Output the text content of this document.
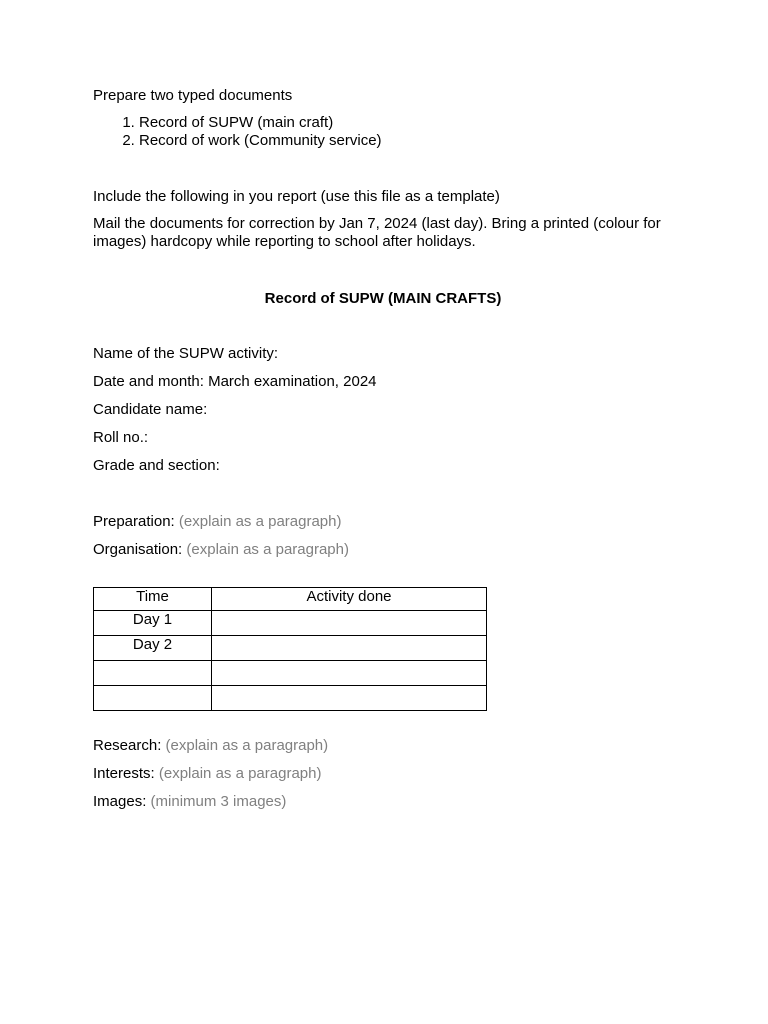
Prepare two typed documents

1. Record of SUPW (main craft)
2. Record of work (Community service)

Include the following in you report (use this file as a template)

Mail the documents for correction by Jan 7, 2024 (last day). Bring a printed (colour for images) hardcopy while reporting to school after holidays.

Record of SUPW (MAIN CRAFTS)

Name of the SUPW activity:

Date and month: March examination, 2024

Candidate name:

Roll no.:

Grade and section:

Preparation: (explain as a paragraph)

Organisation: (explain as a paragraph)

Time	Activity done
Day 1	
Day 2	

Research: (explain as a paragraph)

Interests: (explain as a paragraph)

Images: (minimum 3 images)
